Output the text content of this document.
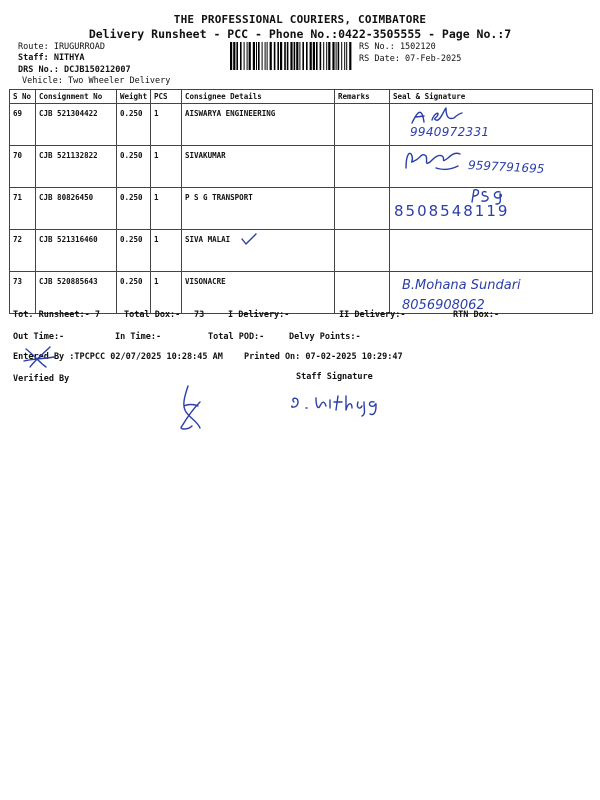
THE PROFESSIONAL COURIERS, COIMBATORE
Delivery Runsheet - PCC - Phone No.:0422-3505555 - Page No.:7
Route: IRUGURROAD
Staff: NITHYA
DRS No.: DCJB150212007
Vehicle: Two Wheeler Delivery
RS No.: 1502120
RS Date: 07-Feb-2025
S No	Consignment No	Weight	PCS	Consignee Details	Remarks	Seal & Signature
69	CJB 521304422	0.250	1	AISWARYA ENGINEERING		9940972331

70	CJB 521132822	0.250	1	SIVAKUMAR		9597791695

71	CJB 80826450	0.250	1	P S G TRANSPORT		8508548119

72	CJB 521316460	0.250	1	SIVA MALAI

73	CJB 520885643	0.250	1	VISONACRE		B.Mohana Sundari 8056908062
Tot. Runsheet:- 7	Total Dox:- 73	I Delivery:-	II Delivery:-	RTN Dox:-
Out Time:-	In Time:-	Total POD:-	Delvy Points:-
Entered By :TPCPCC 02/07/2025 10:28:45 AM Printed On: 07-02-2025 10:29:47
Verified By	Staff Signature
